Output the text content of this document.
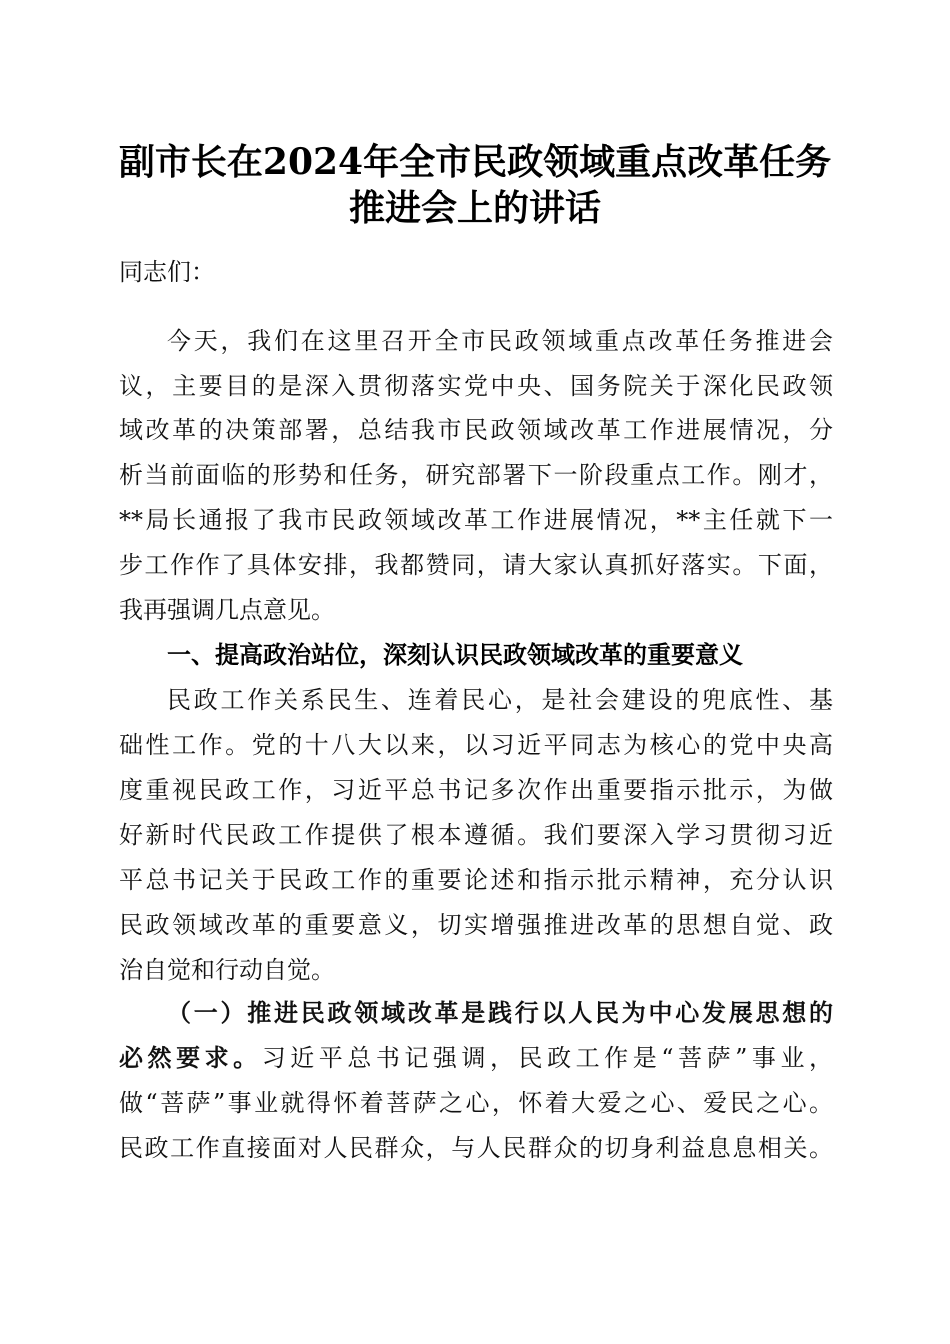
副市长在2024年全市民政领域重点改革任务
推进会上的讲话
同志们：
今天，我们在这里召开全市民政领域重点改革任务推进会
议，主要目的是深入贯彻落实党中央、国务院关于深化民政领
域改革的决策部署，总结我市民政领域改革工作进展情况，分
析当前面临的形势和任务，研究部署下一阶段重点工作。刚才，
**局长通报了我市民政领域改革工作进展情况，**主任就下一
步工作作了具体安排，我都赞同，请大家认真抓好落实。下面，
我再强调几点意见。
一、提高政治站位，深刻认识民政领域改革的重要意义
民政工作关系民生、连着民心，是社会建设的兜底性、基
础性工作。党的十八大以来，以习近平同志为核心的党中央高
度重视民政工作，习近平总书记多次作出重要指示批示，为做
好新时代民政工作提供了根本遵循。我们要深入学习贯彻习近
平总书记关于民政工作的重要论述和指示批示精神，充分认识
民政领域改革的重要意义，切实增强推进改革的思想自觉、政
治自觉和行动自觉。
（一）推进民政领域改革是践行以人民为中心发展思想的
必然要求。习近平总书记强调，民政工作是“菩萨”事业，
做“菩萨”事业就得怀着菩萨之心，怀着大爱之心、爱民之心。
民政工作直接面对人民群众，与人民群众的切身利益息息相关。
